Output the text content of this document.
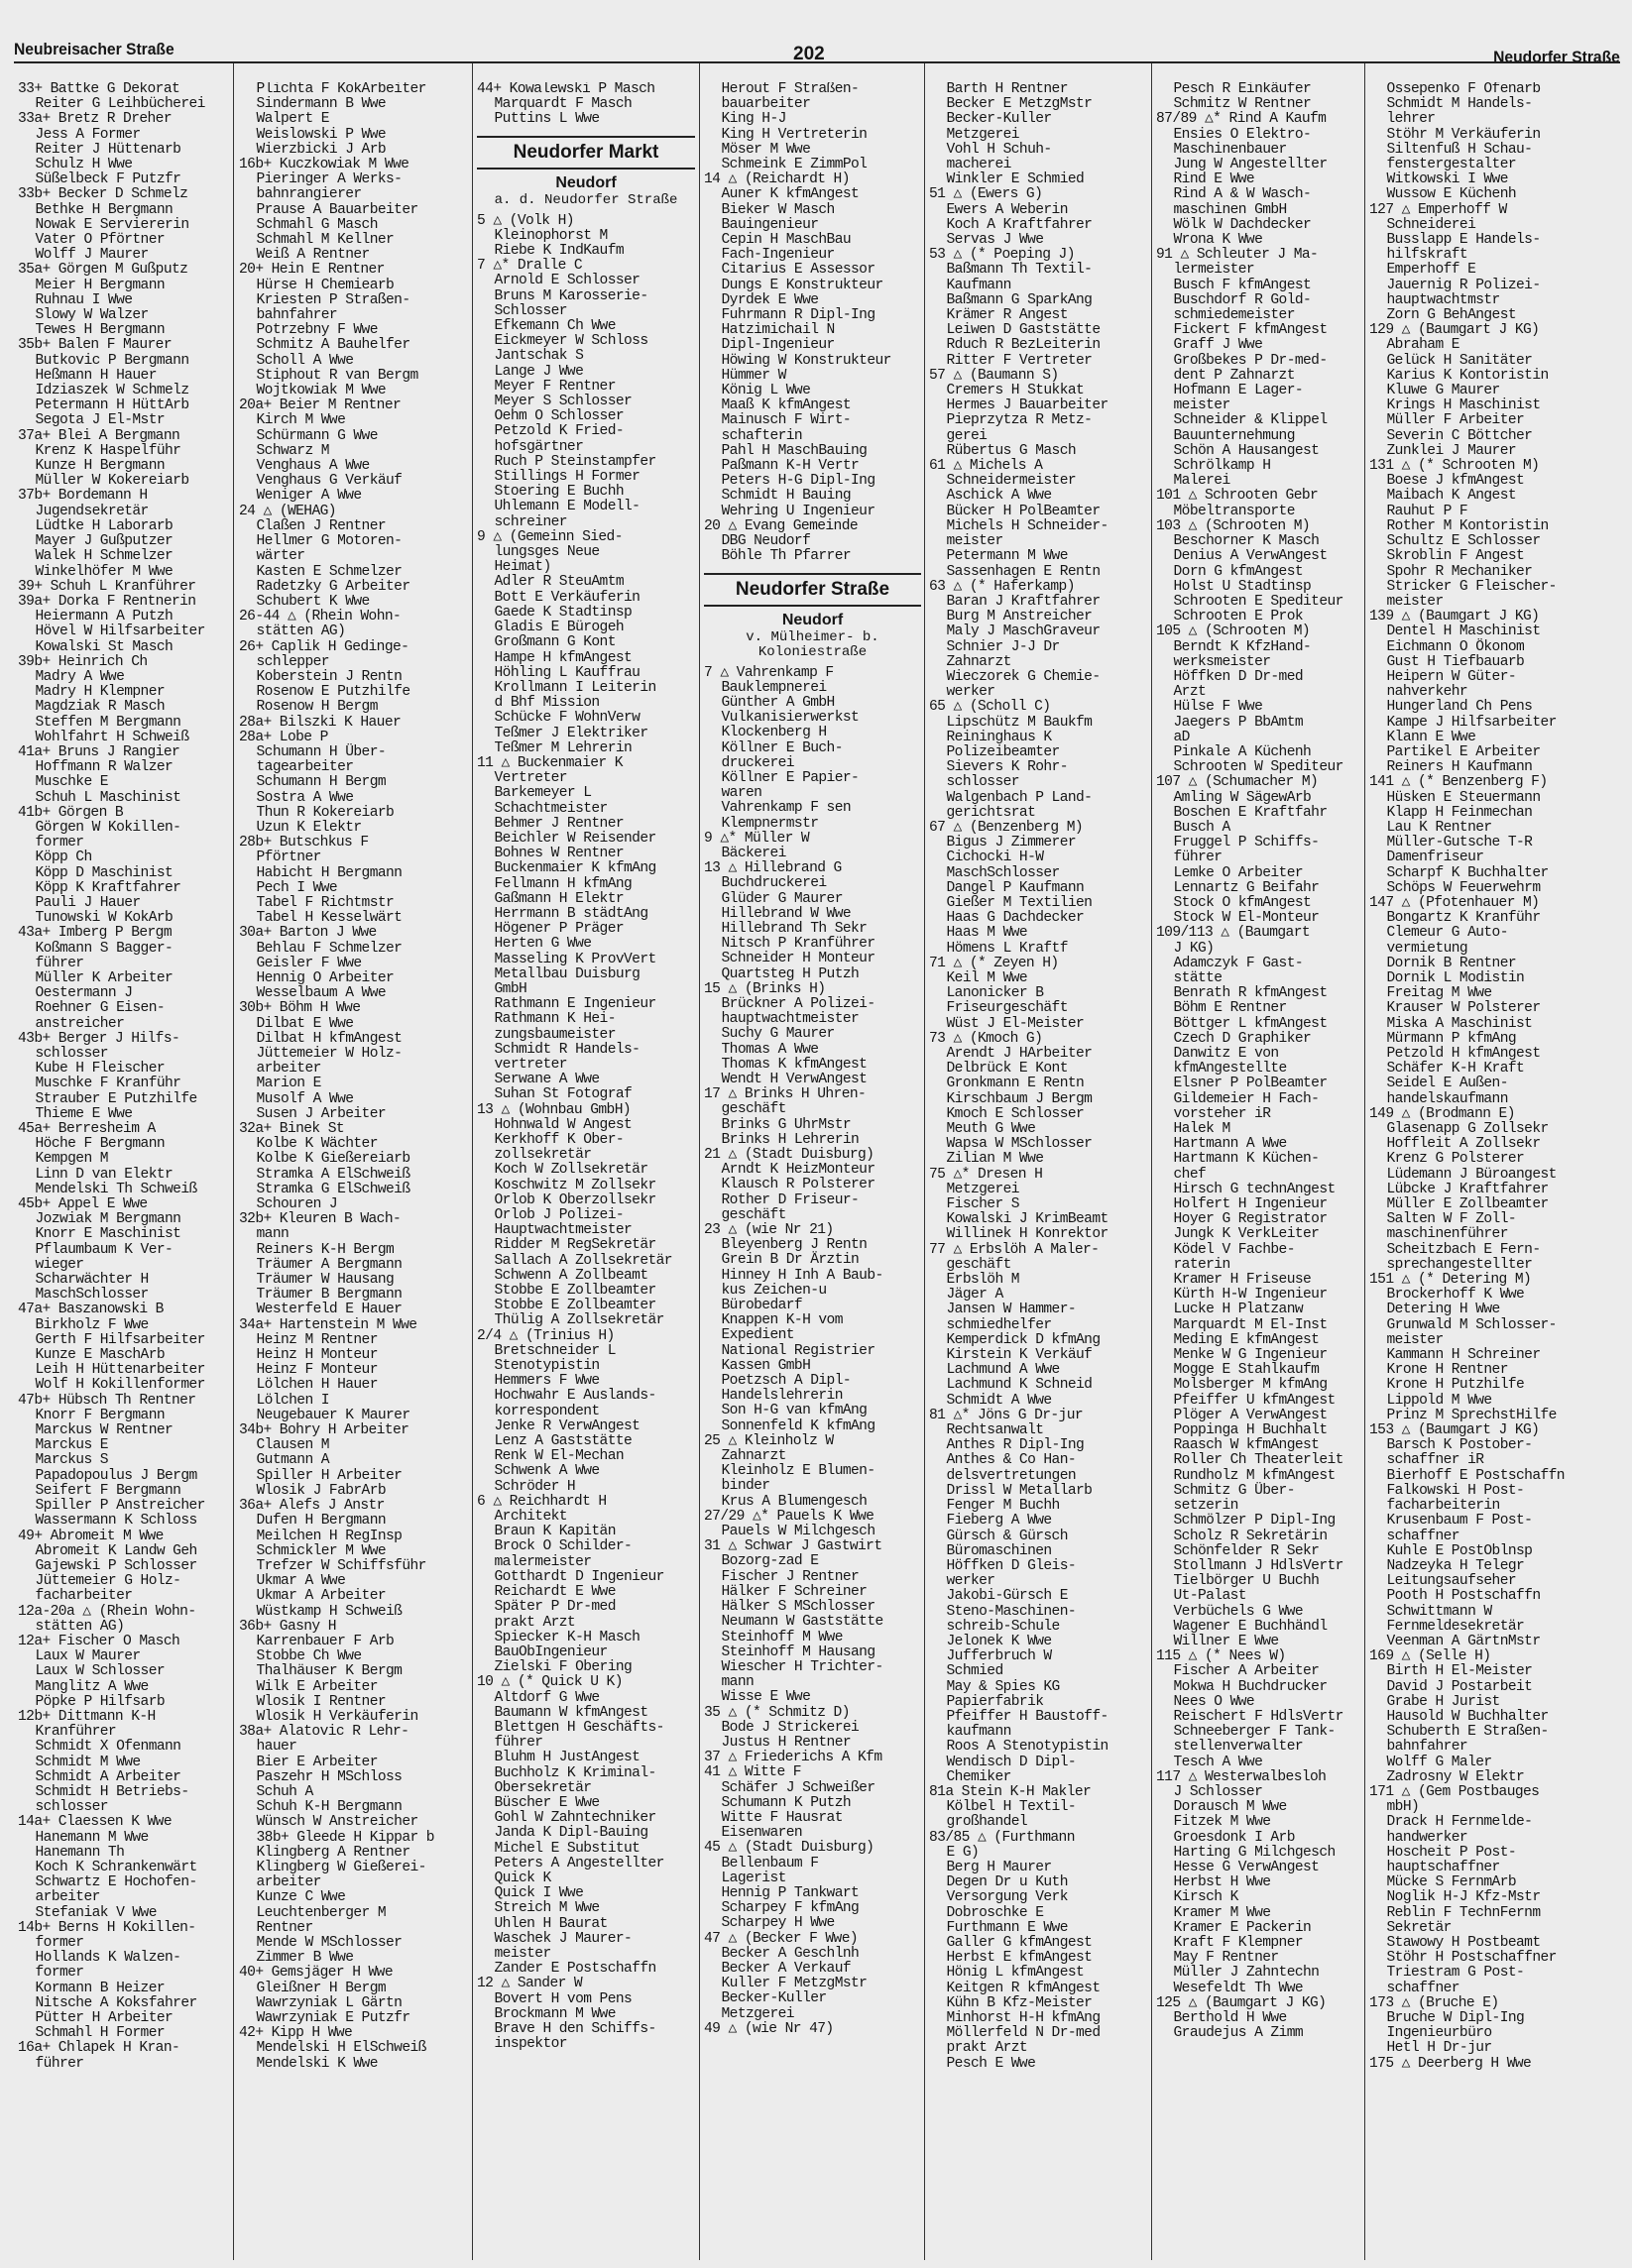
Neubreisacher Straße	202	Neudorfer Straße
33+ Battke G Dekorat
Reiter G Leihbücherei
33a+ Bretz R Dreher
Jess A Former
Reiter J Hüttenarb
Schulz H Wwe
Süßelbeck F Putzfr
33b+ Becker D Schmelz
Bethke H Bergmann
Nowak E Serviererin
Vater O Pförtner
Wolff J Maurer
35a+ Görgen M Gußputz
Meier H Bergmann
Ruhnau I Wwe
Slowy W Walzer
Tewes H Bergmann
35b+ Balen F Maurer
Butkovic P Bergmann
Heßmann H Hauer
Idziaszek W Schmelz
Petermann H HüttArb
Segota J El-Mstr
37a+ Blei A Bergmann
Krenz K Haspelführ
Kunze H Bergmann
Müller W Kokereiarb
37b+ Bordemann H
Jugendsekretär
Lüdtke H Laborarb
Mayer J Gußputzer
Walek H Schmelzer
Winkelhöfer M Wwe
39+ Schuh L Kranführer
39a+ Dorka F Rentnerin
Heiermann A Putzh
Hövel W Hilfsarbeiter
Kowalski St Masch
39b+ Heinrich Ch
Madry A Wwe
Madry H Klempner
Magdziak R Masch
Steffen M Bergmann
Wohlfahrt H Schweiß
41a+ Bruns J Rangier
Hoffmann R Walzer
Muschke E
Schuh L Maschinist
41b+ Görgen B
Görgen W Kokillen-
former
Köpp Ch
Köpp D Maschinist
Köpp K Kraftfahrer
Pauli J Hauer
Tunowski W KokArb
43a+ Imberg P Bergm
Koßmann S Bagger-
führer
Müller K Arbeiter
Oestermann J
Roehner G Eisen-
anstreicher
43b+ Berger J Hilfs-
schlosser
Kube H Fleischer
Muschke F Kranführ
Strauber E Putzhilfe
Thieme E Wwe
45a+ Berresheim A
Höche F Bergmann
Kempgen M
Linn D van Elektr
Mendelski Th Schweiß
45b+ Appel E Wwe
Jozwiak M Bergmann
Knorr E Maschinist
Pflaumbaum K Ver-
wieger
Scharwächter H
MaschSchlosser
47a+ Baszanowski B
Birkholz F Wwe
Gerth F Hilfsarbeiter
Kunze E MaschArb
Leih H Hüttenarbeiter
Wolf H Kokillenformer
47b+ Hübsch Th Rentner
Knorr F Bergmann
Marckus W Rentner
Marckus E
Marckus S
Papadopoulus J Bergm
Seifert F Bergmann
Spiller P Anstreicher
Wassermann K Schloss
49+ Abromeit M Wwe
Abromeit K Landw Geh
Gajewski P Schlosser
Jüttemeier G Holz-
facharbeiter
12a-20a △ (Rhein Wohn-
stätten AG)
12a+ Fischer O Masch
Laux W Maurer
Laux W Schlosser
Manglitz A Wwe
Pöpke P Hilfsarb
12b+ Dittmann K-H
Kranführer
Schmidt X Ofenmann
Schmidt M Wwe
Schmidt A Arbeiter
Schmidt H Betriebs-
schlosser
14a+ Claessen K Wwe
Hanemann M Wwe
Hanemann Th
Koch K Schrankenwärt
Schwartz E Hochofen-
arbeiter
Stefaniak V Wwe
14b+ Berns H Kokillen-
former
Hollands K Walzen-
former
Kormann B Heizer
Nitsche A Koksfahrer
Pütter H Arbeiter
Schmahl H Former
16a+ Chlapek H Kran-
führer
Plichta F KokArbeiter
Sindermann B Wwe
Walpert E
Weislowski P Wwe
Wierzbicki J Arb
16b+ Kuczkowiak M Wwe
Pieringer A Werks-
bahnrangierer
Prause A Bauarbeiter
Schmahl G Masch
Schmahl M Kellner
Weiß A Rentner
20+ Hein E Rentner
Hürse H Chemiearb
Kriesten P Straßen-
bahnfahrer
Potrzebny F Wwe
Schmitz A Bauhelfer
Scholl A Wwe
Stiphout R van Bergm
Wojtkowiak M Wwe
20a+ Beier M Rentner
Kirch M Wwe
Schürmann G Wwe
Schwarz M
Venghaus A Wwe
Venghaus G Verkäuf
Weniger A Wwe
24 △ (WEHAG)
Claßen J Rentner
Hellmer G Motoren-
wärter
Kasten E Schmelzer
Radetzky G Arbeiter
Schubert K Wwe
26-44 △ (Rhein Wohn-
stätten AG)
26+ Caplik H Gedinge-
schlepper
Koberstein J Rentn
Rosenow E Putzhilfe
Rosenow H Bergm
28a+ Bilszki K Hauer
28a+ Lobe P
Schumann H Über-
tagearbeiter
Schumann H Bergm
Sostra A Wwe
Thun R Kokereiarb
Uzun K Elektr
28b+ Butschkus F
Pförtner
Habicht H Bergmann
Pech I Wwe
Tabel F Richtmstr
Tabel H Kesselwärt
30a+ Barton J Wwe
Behlau F Schmelzer
Geisler F Wwe
Hennig O Arbeiter
Wesselbaum A Wwe
30b+ Böhm H Wwe
Dilbat E Wwe
Dilbat H kfmAngest
Jüttemeier W Holz-
arbeiter
Marion E
Musolf A Wwe
Susen J Arbeiter
32a+ Binek St
Kolbe K Wächter
Kolbe K Gießereiarb
Stramka A ElSchweiß
Stramka G ElSchweiß
Schouren J
32b+ Kleuren B Wach-
mann
Reiners K-H Bergm
Träumer A Bergmann
Träumer W Hausang
Träumer B Bergmann
Westerfeld E Hauer
34a+ Hartenstein M Wwe
Heinz M Rentner
Heinz H Monteur
Heinz F Monteur
Lölchen H Hauer
Lölchen I
Neugebauer K Maurer
34b+ Bohry H Arbeiter
Clausen M
Gutmann A
Spiller H Arbeiter
Wlosik J FabrArb
36a+ Alefs J Anstr
Dufen H Bergmann
Meilchen H RegInsp
Schmickler M Wwe
Trefzer W Schiffsführ
Ukmar A Wwe
Ukmar A Arbeiter
Wüstkamp H Schweiß
36b+ Gasny H
Karrenbauer F Arb
Stobbe Ch Wwe
Thalhäuser K Bergm
Wilk E Arbeiter
Wlosik I Rentner
Wlosik H Verkäuferin
38a+ Alatovic R Lehr-
hauer
Bier E Arbeiter
Paszehr H MSchloss
Schuh A
Schuh K-H Bergmann
Wünsch W Anstreicher
38b+ Gleede H Kippar b
Klingberg A Rentner
Klingberg W Gießerei-
arbeiter
Kunze C Wwe
Leuchtenberger M
Rentner
Mende W MSchlosser
Zimmer B Wwe
40+ Gemsjäger H Wwe
Gleißner H Bergm
Wawrzyniak L Gärtn
Wawrzyniak E Putzfr
42+ Kipp H Wwe
Mendelski H ElSchweiß
Mendelski K Wwe
44+ Kowalewski P Masch
Marquardt F Masch
Puttins L Wwe
Neudorfer Markt
Neudorf
a. d. Neudorfer Straße
5 △ (Volk H)
Kleinophorst M
Riebe K IndKaufm
7 △* Dralle C
Arnold E Schlosser
Bruns M Karosserie-
Schlosser
Efkemann Ch Wwe
Eickmeyer W Schloss
Jantschak S
Lange J Wwe
Meyer F Rentner
Meyer S Schlosser
Oehm O Schlosser
Petzold K Fried-
hofsgärtner
Ruch P Steinstampfer
Stillings H Former
Stoering E Buchh
Uhlemann E Modell-
schreiner
9 △ (Gemeinn Sied-
lungsges Neue
Heimat)
Adler R SteuAmtm
Bott E Verkäuferin
Gaede K Stadtinsp
Gladis E Bürogeh
Großmann G Kont
Hampe H kfmAngest
Höhling L Kauffrau
Krollmann I Leiterin
d Bhf Mission
Schücke F WohnVerw
Teßmer J Elektriker
Teßmer M Lehrerin
11 △ Buckenmaier K
Vertreter
Barkemeyer L
Schachtmeister
Behmer J Rentner
Beichler W Reisender
Bohnes W Rentner
Buckenmaier K kfmAng
Fellmann H kfmAng
Gaßmann H Elektr
Herrmann B städtAng
Högener P Präger
Herten G Wwe
Masseling K ProvVert
Metallbau Duisburg
GmbH
Rathmann E Ingenieur
Rathmann K Hei-
zungsbaumeister
Schmidt R Handels-
vertreter
Serwane A Wwe
Suhan St Fotograf
13 △ (Wohnbau GmbH)
Hohnwald W Angest
Kerkhoff K Ober-
zollsekretär
Koch W Zollsekretär
Koschwitz M Zollsekr
Orlob K Oberzollsekr
Orlob J Polizei-
Hauptwachtmeister
Ridder M RegSekretär
Sallach A Zollsekretär
Schwenn A Zollbeamt
Stobbe E Zollbeamter
Stobbe E Zollbeamter
Thülig A Zollsekretär
2/4 △ (Trinius H)
Bretschneider L
Stenotypistin
Hemmers F Wwe
Hochwahr E Auslands-
korrespondent
Jenke R VerwAngest
Lenz A Gaststätte
Renk W El-Mechan
Schwenk A Wwe
Schröder H
6 △ Reichhardt H
Architekt
Braun K Kapitän
Brock O Schilder-
malermeister
Gotthardt D Ingenieur
Reichardt E Wwe
Später P Dr-med
prakt Arzt
Spiecker K-H Masch
BauObIngenieur
Zielski F Obering
10 △ (* Quick U K)
Altdorf G Wwe
Baumann W kfmAngest
Blettgen H Geschäfts-
führer
Bluhm H JustAngest
Buchholz K Kriminal-
Obersekretär
Büscher E Wwe
Gohl W Zahntechniker
Janda K Dipl-Bauing
Michel E Substitut
Peters A Angestellter
Quick K
Quick I Wwe
Streich M Wwe
Uhlen H Baurat
Waschek J Maurer-
meister
Zander E Postschaffn
12 △ Sander W
Bovert H vom Pens
Brockmann M Wwe
Brave H den Schiffs-
inspektor
Herout F Straßen-
bauarbeiter
King H-J
King H Vertreterin
Möser M Wwe
Schmeink E ZimmPol
14 △ (Reichardt H)
Auner K kfmAngest
Bieker W Masch
Bauingenieur
Cepin H MaschBau
Fach-Ingenieur
Citarius E Assessor
Dungs E Konstrukteur
Dyrdek E Wwe
Fuhrmann R Dipl-Ing
Hatzimichail N
Dipl-Ingenieur
Höwing W Konstrukteur
Hümmer W
König L Wwe
Maaß K kfmAngest
Mainusch F Wirt-
schafterin
Pahl H MaschBauing
Paßmann K-H Vertr
Peters H-G Dipl-Ing
Schmidt H Bauing
Wehring U Ingenieur
20 △ Evang Gemeinde
DBG Neudorf
Böhle Th Pfarrer
Neudorfer Straße
Neudorf
v. Mülheimer- b.
Koloniestraße
7 △ Vahrenkamp F
Bauklempnerei
Günther A GmbH
Vulkanisierwerkst
Klockenberg H
Köllner E Buch-
druckerei
Köllner E Papier-
waren
Vahrenkamp F sen
Klempnermstr
9 △* Müller W
Bäckerei
13 △ Hillebrand G
Buchdruckerei
Glüder G Maurer
Hillebrand W Wwe
Hillebrand Th Sekr
Nitsch P Kranführer
Schneider H Monteur
Quartsteg H Putzh
15 △ (Brinks H)
Brückner A Polizei-
hauptwachtmeister
Suchy G Maurer
Thomas A Wwe
Thomas K kfmAngest
Wendt H VerwAngest
17 △ Brinks H Uhren-
geschäft
Brinks G UhrMstr
Brinks H Lehrerin
21 △ (Stadt Duisburg)
Arndt K HeizMonteur
Klausch R Polsterer
Rother D Friseur-
geschäft
23 △ (wie Nr 21)
Bleyenberg J Rentn
Grein B Dr Ärztin
Hinney H Inh A Baub-
kus Zeichen-u
Bürobedarf
Knappen K-H vom
Expedient
National Registrier
Kassen GmbH
Poetzsch A Dipl-
Handelslehrerin
Son H-G van kfmAng
Sonnenfeld K kfmAng
25 △ Kleinholz W
Zahnarzt
Kleinholz E Blumen-
binder
Krus A Blumengesch
27/29 △* Pauels K Wwe
Pauels W Milchgesch
31 △ Schwar J Gastwirt
Bozorg-zad E
Fischer J Rentner
Hälker F Schreiner
Hälker S MSchlosser
Neumann W Gaststätte
Steinhoff M Wwe
Steinhoff M Hausang
Wiescher H Trichter-
mann
Wisse E Wwe
35 △ (* Schmitz D)
Bode J Strickerei
Justus H Rentner
37 △ Friederichs A Kfm
41 △ Witte F
Schäfer J Schweißer
Schumann K Putzh
Witte F Hausrat
Eisenwaren
45 △ (Stadt Duisburg)
Bellenbaum F
Lagerist
Hennig P Tankwart
Scharpey F kfmAng
Scharpey H Wwe
47 △ (Becker F Wwe)
Becker A Geschlnh
Becker A Verkauf
Kuller F MetzgMstr
Becker-Kuller
Metzgerei
49 △ (wie Nr 47)
Barth H Rentner
Becker E MetzgMstr
Becker-Kuller
Metzgerei
Vohl H Schuh-
macherei
Winkler E Schmied
51 △ (Ewers G)
Ewers A Weberin
Koch A Kraftfahrer
Servas J Wwe
53 △ (* Poeping J)
Baßmann Th Textil-
Kaufmann
Baßmann G SparkAng
Krämer R Angest
Leiwen D Gaststätte
Rduch R BezLeiterin
Ritter F Vertreter
57 △ (Baumann S)
Cremers H Stukkat
Hermes J Bauarbeiter
Pieprzytza R Metz-
gerei
Rübertus G Masch
61 △ Michels A
Schneidermeister
Aschick A Wwe
Bücker H PolBeamter
Michels H Schneider-
meister
Petermann M Wwe
Sassenhagen E Rentn
63 △ (* Haferkamp)
Baran J Kraftfahrer
Burg M Anstreicher
Maly J MaschGraveur
Schnier J-J Dr
Zahnarzt
Wieczorek G Chemie-
werker
65 △ (Scholl C)
Lipschütz M Baukfm
Reininghaus K
Polizeibeamter
Sievers K Rohr-
schlosser
Walgenbach P Land-
gerichtsrat
67 △ (Benzenberg M)
Bigus J Zimmerer
Cichocki H-W
MaschSchlosser
Dangel P Kaufmann
Gießer M Textilien
Haas G Dachdecker
Haas M Wwe
Hömens L Kraftf
71 △ (* Zeyen H)
Keil M Wwe
Lanonicker B
Friseurgeschäft
Wüst J El-Meister
73 △ (Kmoch G)
Arendt J HArbeiter
Delbrück E Kont
Gronkmann E Rentn
Kirschbaum J Bergm
Kmoch E Schlosser
Meuth G Wwe
Wapsa W MSchlosser
Zilian M Wwe
75 △* Dresen H
Metzgerei
Fischer S
Kowalski J KrimBeamt
Willinek H Konrektor
77 △ Erbslöh A Maler-
geschäft
Erbslöh M
Jäger A
Jansen W Hammer-
schmiedhelfer
Kemperdick D kfmAng
Kirstein K Verkäuf
Lachmund A Wwe
Lachmund K Schneid
Schmidt A Wwe
81 △* Jöns G Dr-jur
Rechtsanwalt
Anthes R Dipl-Ing
Anthes & Co Han-
delsvertretungen
Drissl W Metallarb
Fenger M Buchh
Fieberg A Wwe
Gürsch & Gürsch
Büromaschinen
Höffken D Gleis-
werker
Jakobi-Gürsch E
Steno-Maschinen-
schreib-Schule
Jelonek K Wwe
Jufferbruch W
Schmied
May & Spies KG
Papierfabrik
Pfeiffer H Baustoff-
kaufmann
Roos A Stenotypistin
Wendisch D Dipl-
Chemiker
81a Stein K-H Makler
Kölbel H Textil-
großhandel
83/85 △ (Furthmann
E G)
Berg H Maurer
Degen Dr u Kuth
Versorgung Verk
Dobroschke E
Furthmann E Wwe
Galler G kfmAngest
Herbst E kfmAngest
Hönig L kfmAngest
Keitgen R kfmAngest
Kühn B Kfz-Meister
Minhorst H-H kfmAng
Möllerfeld N Dr-med
prakt Arzt
Pesch E Wwe
Pesch R Einkäufer
Schmitz W Rentner
87/89 △* Rind A Kaufm
Ensies O Elektro-
Maschinenbauer
Jung W Angestellter
Rind E Wwe
Rind A & W Wasch-
maschinen GmbH
Wölk W Dachdecker
Wrona K Wwe
91 △ Schleuter J Ma-
lermeister
Busch F kfmAngest
Buschdorf R Gold-
schmiedemeister
Fickert F kfmAngest
Graff J Wwe
Großbekes P Dr-med-
dent P Zahnarzt
Hofmann E Lager-
meister
Schneider & Klippel
Bauunternehmung
Schön A Hausangest
Schrölkamp H
Malerei
101 △ Schrooten Gebr
Möbeltransporte
103 △ (Schrooten M)
Beschorner K Masch
Denius A VerwAngest
Dorn G kfmAngest
Holst U Stadtinsp
Schrooten E Spediteur
Schrooten E Prok
105 △ (Schrooten M)
Berndt K KfzHand-
werksmeister
Höffken D Dr-med
Arzt
Hülse F Wwe
Jaegers P BbAmtm
aD
Pinkale A Küchenh
Schrooten W Spediteur
107 △ (Schumacher M)
Amling W SägewArb
Boschen E Kraftfahr
Busch A
Fruggel P Schiffs-
führer
Lemke O Arbeiter
Lennartz G Beifahr
Stock O kfmAngest
Stock W El-Monteur
109/113 △ (Baumgart
J KG)
Adamczyk F Gast-
stätte
Benrath R kfmAngest
Böhm E Rentner
Böttger L kfmAngest
Czech D Graphiker
Danwitz E von
kfmAngestellte
Elsner P PolBeamter
Gildemeier H Fach-
vorsteher iR
Halek M
Hartmann A Wwe
Hartmann K Küchen-
chef
Hirsch G technAngest
Holfert H Ingenieur
Hoyer G Registrator
Jungk K VerkLeiter
Ködel V Fachbe-
raterin
Kramer H Friseuse
Kürth H-W Ingenieur
Lucke H Platzanw
Marquardt M El-Inst
Meding E kfmAngest
Menke W G Ingenieur
Mogge E Stahlkaufm
Molsberger M kfmAng
Pfeiffer U kfmAngest
Plöger A VerwAngest
Poppinga H Buchhalt
Raasch W kfmAngest
Roller Ch Theaterleit
Rundholz M kfmAngest
Schmitz G Über-
setzerin
Schmölzer P Dipl-Ing
Scholz R Sekretärin
Schönfelder R Sekr
Stollmann J HdlsVertr
Tielbörger U Buchh
Ut-Palast
Verbüchels G Wwe
Wagener E Buchhändl
Willner E Wwe
115 △ (* Nees W)
Fischer A Arbeiter
Mokwa H Buchdrucker
Nees O Wwe
Reischert F HdlsVertr
Schneeberger F Tank-
stellenverwalter
Tesch A Wwe
117 △ Westerwalbesloh
J Schlosser
Dorausch M Wwe
Fitzek M Wwe
Groesdonk I Arb
Harting G Milchgesch
Hesse G VerwAngest
Herbst H Wwe
Kirsch K
Kramer M Wwe
Kramer E Packerin
Kraft F Klempner
May F Rentner
Müller J Zahntechn
Wesefeldt Th Wwe
125 △ (Baumgart J KG)
Berthold H Wwe
Graudejus A Zimm
Ossepenko F Ofenarb
Schmidt M Handels-
lehrer
Stöhr M Verkäuferin
Siltenfuß H Schau-
fenstergestalter
Witkowski I Wwe
Wussow E Küchenh
127 △ Emperhoff W
Schneiderei
Busslapp E Handels-
hilfskraft
Emperhoff E
Jauernig R Polizei-
hauptwachtmstr
Zorn G BehAngest
129 △ (Baumgart J KG)
Abraham E
Gelück H Sanitäter
Karius K Kontoristin
Kluwe G Maurer
Krings H Maschinist
Müller F Arbeiter
Severin C Böttcher
Zunklei J Maurer
131 △ (* Schrooten M)
Boese J kfmAngest
Maibach K Angest
Rauhut P F
Rother M Kontoristin
Schultz E Schlosser
Skroblin F Angest
Spohr R Mechaniker
Stricker G Fleischer-
meister
139 △ (Baumgart J KG)
Dentel H Maschinist
Eichmann O Ökonom
Gust H Tiefbauarb
Heipern W Güter-
nahverkehr
Hungerland Ch Pens
Kampe J Hilfsarbeiter
Klann E Wwe
Partikel E Arbeiter
Reiners H Kaufmann
141 △ (* Benzenberg F)
Hüsken E Steuermann
Klapp H Feinmechan
Lau K Rentner
Müller-Gutsche T-R
Damenfriseur
Scharpf K Buchhalter
Schöps W Feuerwehrm
147 △ (Pfotenhauer M)
Bongartz K Kranführ
Clemeur G Auto-
vermietung
Dornik B Rentner
Dornik L Modistin
Freitag M Wwe
Krauser W Polsterer
Miska A Maschinist
Mürmann P kfmAng
Petzold H kfmAngest
Schäfer K-H Kraft
Seidel E Außen-
handelskaufmann
149 △ (Brodmann E)
Glasenapp G Zollsekr
Hoffleit A Zollsekr
Krenz G Polsterer
Lüdemann J Büroangest
Lübcke J Kraftfahrer
Müller E Zollbeamter
Salten W F Zoll-
maschinenführer
Scheitzbach E Fern-
sprechangestellter
151 △ (* Detering M)
Brockerhoff K Wwe
Detering H Wwe
Grunwald M Schlosser-
meister
Kammann H Schreiner
Krone H Rentner
Krone H Putzhilfe
Lippold M Wwe
Prinz M SprechstHilfe
153 △ (Baumgart J KG)
Barsch K Postober-
schaffner iR
Bierhoff E Postschaffn
Falkowski H Post-
facharbeiterin
Krusenbaum F Post-
schaffner
Kuhle E PostOblnsp
Nadzeyka H Telegr
Leitungsaufseher
Pooth H Postschaffn
Schwittmann W
Fernmeldesekretär
Veenman A GärtnMstr
169 △ (Selle H)
Birth H El-Meister
David J Postarbeit
Grabe H Jurist
Hausold W Buchhalter
Schuberth E Straßen-
bahnfahrer
Wolff G Maler
Zadrosny W Elektr
171 △ (Gem Postbauges
mbH)
Drack H Fernmelde-
handwerker
Hoscheit P Post-
hauptschaffner
Mücke S FernmArb
Noglik H-J Kfz-Mstr
Reblin F TechnFernm
Sekretär
Stawowy H Postbeamt
Stöhr H Postschaffner
Triestram G Post-
schaffner
173 △ (Bruche E)
Bruche W Dipl-Ing
Ingenieurbüro
Hetl H Dr-jur
175 △ Deerberg H Wwe
